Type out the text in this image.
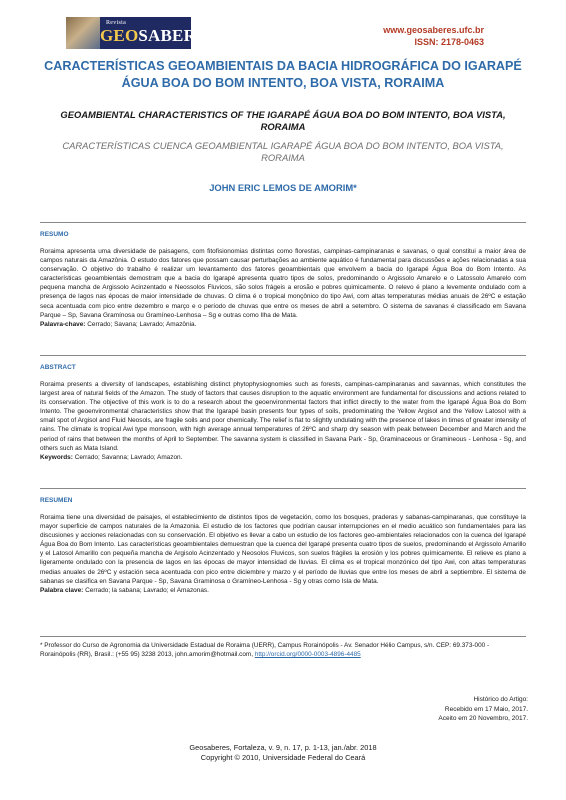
Revista
GEOSABERES	www.geosaberes.ufc.br
ISSN: 2178-0463
CARACTERÍSTICAS GEOAMBIENTAIS DA BACIA HIDROGRÁFICA DO IGARAPÉ ÁGUA BOA DO BOM INTENTO, BOA VISTA, RORAIMA
GEOAMBIENTAL CHARACTERISTICS OF THE IGARAPÉ ÁGUA BOA DO BOM INTENTO, BOA VISTA, RORAIMA
CARACTERÍSTICAS CUENCA GEOAMBIENTAL IGARAPÉ ÁGUA BOA DO BOM INTENTO, BOA VISTA, RORAIMA
JOHN ERIC LEMOS DE AMORIM*
RESUMO
Roraima apresenta uma diversidade de paisagens, com fitofisionomias distintas como florestas, campinas-campinaranas e savanas, o qual constitui a maior área de campos naturais da Amazônia. O estudo dos fatores que possam causar perturbações ao ambiente aquático é fundamental para discussões e ações relacionadas a sua conservação. O objetivo do trabalho é realizar um levantamento dos fatores geoambientais que envolvem a bacia do Igarapé Água Boa do Bom Intento. As características geoambientais demostram que a bacia do Igarapé apresenta quatro tipos de solos, predominando o Argissolo Amarelo e o Latossolo Amarelo com pequena mancha de Argissolo Acinzentado e Neossolos Fluvicos, são solos frágeis a erosão e pobres quimicamente. O relevo é plano a levemente ondulado com a presença de lagos nas épocas de maior intensidade de chuvas. O clima é o tropical monçônico do tipo Awi, com altas temperaturas médias anuais de 26ºC e estação seca acentuada com pico entre dezembro e março e o período de chuvas que entre os meses de abril a setembro. O sistema de savanas é classificado em Savana Parque – Sp, Savana Gramínosa ou Gramíneo-Lenhosa – Sg e outras como Ilha de Mata.
Palavra-chave: Cerrado; Savana; Lavrado; Amazônia.
ABSTRACT
Roraima presents a diversity of landscapes, establishing distinct phytophysiognomies such as forests, campinas-campinaranas and savannas, which constitutes the largest area of natural fields of the Amazon. The study of factors that causes disruption to the aquatic environment are fundamental for discussions and actions related to its conservation. The objective of this work is to do a research about the geoenvironmental factors that inflict directly to the water from the Igarapé Água Boa do Bom Intento. The geoenvironmental characteristics show that the Igarapé basin presents four types of soils, predominating the Yellow Argisol and the Yellow Latosol with a small spot of Argisol and Fluid Neosols, are fragile soils and poor chemically. The relief is flat to slightly undulating with the presence of lakes in times of greater intensity of rains. The climate is tropical Awi type monsoon, with high average annual temperatures of 26ºC and sharp dry season with peak between December and March and the period of rains that between the months of April to September. The savanna system is classified in Savana Park - Sp, Graminaceous or Gramineous - Lenhosa - Sg, and others such as Mata Island.
Keywords: Cerrado; Savanna; Lavrado; Amazon.
RESUMEN
Roraima tiene una diversidad de paisajes, el establecimiento de distintos tipos de vegetación, como los bosques, praderas y sabanas-campinaranas, que constituye la mayor superficie de campos naturales de la Amazonia. El estudio de los factores que podrían causar interrupciones en el medio acuático son fundamentales para las discusiones y acciones relacionadas con su conservación. El objetivo es llevar a cabo un estudio de los factores geo-ambientales relacionados con la cuenca del Igarapé Água Boa do Bom Intento. Las características geoambientales demuestran que la cuenca del Igarapé presenta cuatro tipos de suelos, predominando el Argissolo Amarillo y el Latosol Amarillo con pequeña mancha de Argisolo Acinzentado y Neosolos Fluvicos, son suelos frágiles la erosión y los pobres químicamente. El relieve es plano a ligeramente ondulado con la presencia de lagos en las épocas de mayor intensidad de lluvias. El clima es el tropical monzónico del tipo Awi, con altas temperaturas medias anuales de 26ºC y estación seca acentuada con pico entre diciembre y marzo y el período de lluvias que entre los meses de abril a septiembre. El sistema de sabanas se clasifica en Savana Parque - Sp, Savana Graminosa o Gramíneo-Lenhosa - Sg y otras como Isla de Mata.
Palabra clave: Cerrado; la sabana; Lavrado; el Amazonas.
* Professor do Curso de Agronomia da Universidade Estadual de Roraima (UERR), Campus Rorainópolis - Av. Senador Hélio Campus, s/n. CEP: 69.373-000 - Rorainópolis (RR), Brasil.: (+55 95) 3238 2013, john.amorim@hotmail.com, http://orcid.org/0000-0003-4896-4485
Histórico do Artigo:
Recebido em 17 Maio, 2017.
Aceito em 20 Novembro, 2017.
Geosaberes, Fortaleza, v. 9, n. 17, p. 1-13, jan./abr. 2018
Copyright © 2010, Universidade Federal do Ceará
